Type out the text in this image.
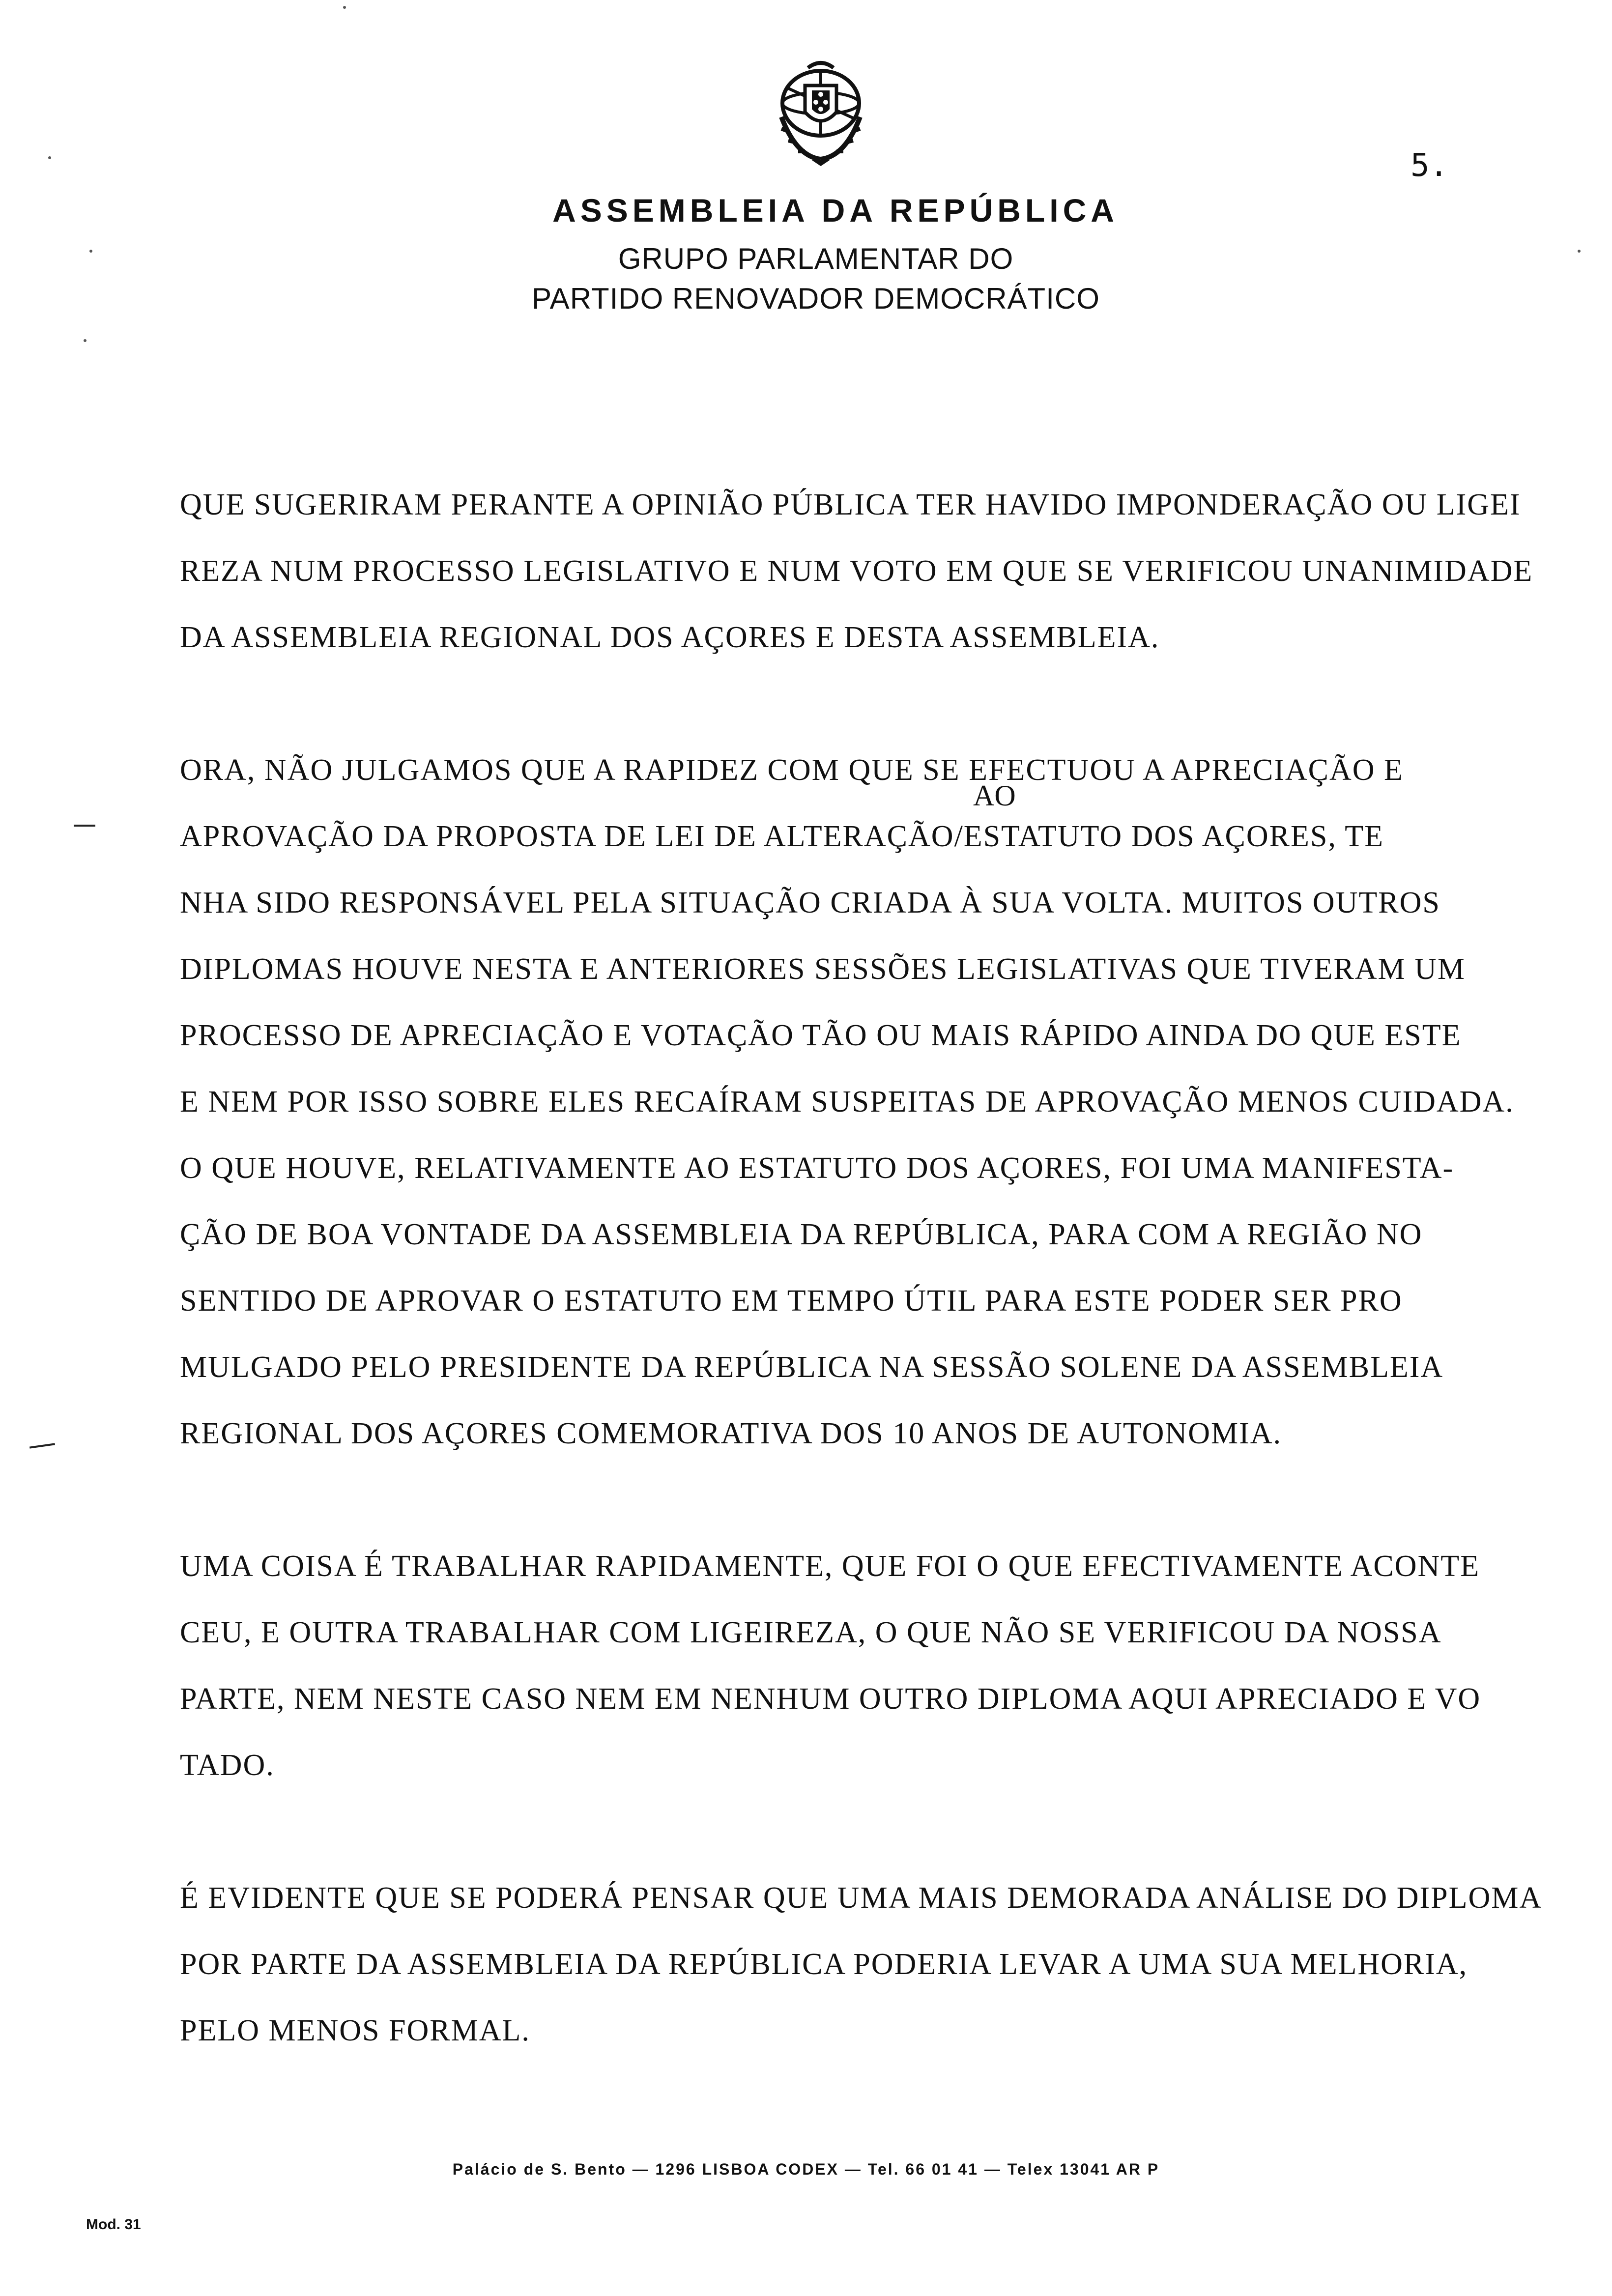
5.
ASSEMBLEIA DA REPÚBLICA
GRUPO PARLAMENTAR DO
PARTIDO RENOVADOR DEMOCRÁTICO
AO
QUE SUGERIRAM PERANTE A OPINIÃO PÚBLICA TER HAVIDO IMPONDERAÇÃO OU LIGEI
REZA NUM PROCESSO LEGISLATIVO E NUM VOTO EM QUE SE VERIFICOU UNANIMIDADE
DA ASSEMBLEIA REGIONAL DOS AÇORES E DESTA ASSEMBLEIA.
ORA, NÃO JULGAMOS QUE A RAPIDEZ COM QUE SE EFECTUOU A APRECIAÇÃO E
APROVAÇÃO DA PROPOSTA DE LEI DE ALTERAÇÃO/ESTATUTO DOS AÇORES, TE
NHA SIDO RESPONSÁVEL PELA SITUAÇÃO CRIADA À SUA VOLTA. MUITOS OUTROS
DIPLOMAS HOUVE NESTA E ANTERIORES SESSÕES LEGISLATIVAS QUE TIVERAM UM
PROCESSO DE APRECIAÇÃO E VOTAÇÃO TÃO OU MAIS RÁPIDO AINDA DO QUE ESTE
E NEM POR ISSO SOBRE ELES RECAÍRAM SUSPEITAS DE APROVAÇÃO MENOS CUIDADA.
O QUE HOUVE, RELATIVAMENTE AO ESTATUTO DOS AÇORES, FOI UMA MANIFESTA-
ÇÃO DE BOA VONTADE DA ASSEMBLEIA DA REPÚBLICA, PARA COM A REGIÃO NO
SENTIDO DE APROVAR O ESTATUTO EM TEMPO ÚTIL PARA ESTE PODER SER PRO
MULGADO PELO PRESIDENTE DA REPÚBLICA NA SESSÃO SOLENE DA ASSEMBLEIA
REGIONAL DOS AÇORES COMEMORATIVA DOS 10 ANOS DE AUTONOMIA.
UMA COISA É TRABALHAR RAPIDAMENTE, QUE FOI O QUE EFECTIVAMENTE ACONTE
CEU, E OUTRA TRABALHAR COM LIGEIREZA, O QUE NÃO SE VERIFICOU DA NOSSA
PARTE, NEM NESTE CASO NEM EM NENHUM OUTRO DIPLOMA AQUI APRECIADO E VO
TADO.
É EVIDENTE QUE SE PODERÁ PENSAR QUE UMA MAIS DEMORADA ANÁLISE DO DIPLOMA
POR PARTE DA ASSEMBLEIA DA REPÚBLICA PODERIA LEVAR A UMA SUA MELHORIA,
PELO MENOS FORMAL.
Palácio de S. Bento — 1296 LISBOA CODEX — Tel. 66 01 41 — Telex 13041 AR P
Mod. 31
